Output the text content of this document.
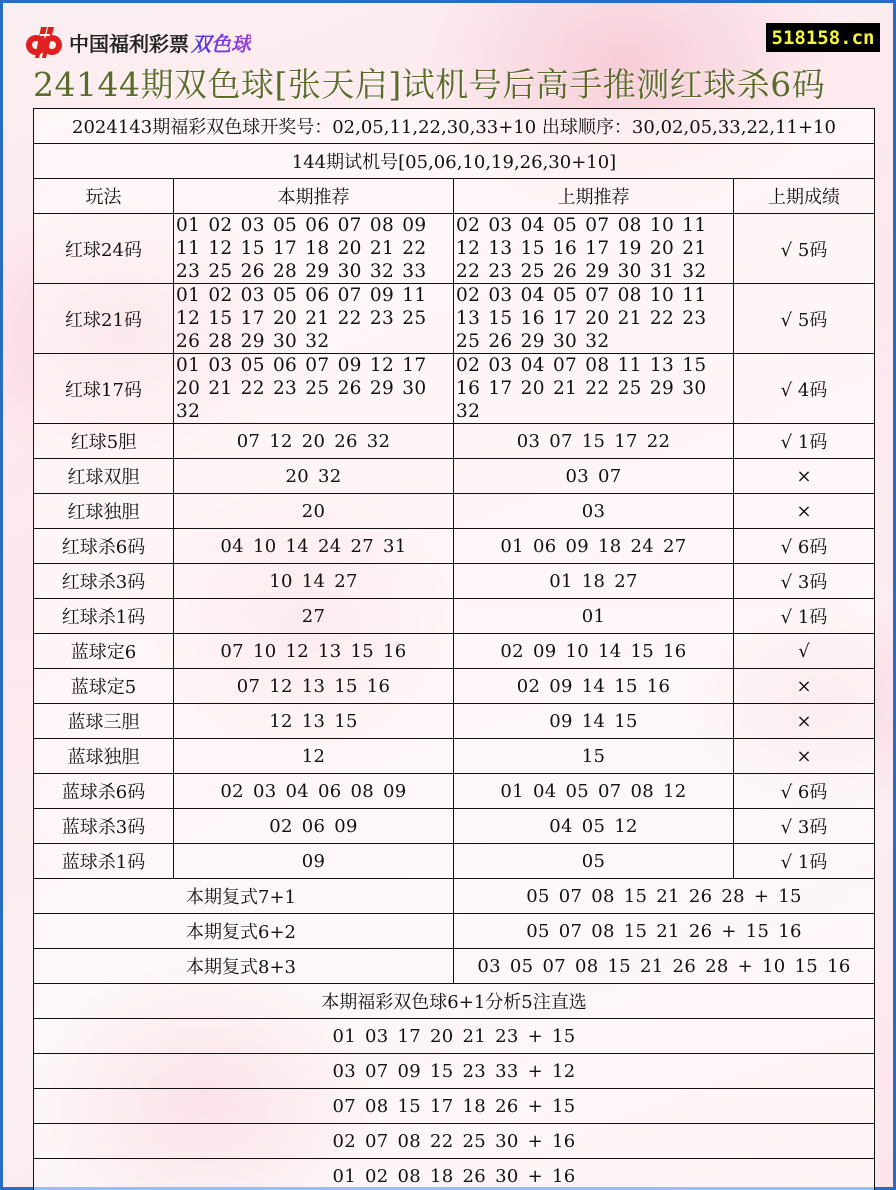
中国福利彩票 双色球	518158.cn
24144期双色球[张天启]试机号后高手推测红球杀6码
2024143期福彩双色球开奖号：02,05,11,22,30,33+10 出球顺序：30,02,05,33,22,11+10			
144期试机号[05,06,10,19,26,30+10]			
玩法	本期推荐	上期推荐	上期成绩
红球24码	01 02 03 05 06 07 08 09 11 12 15 17 18 20 21 22 23 25 26 28 29 30 32 33	02 03 04 05 07 08 10 11 12 13 15 16 17 19 20 21 22 23 25 26 29 30 31 32	√ 5码
红球21码	01 02 03 05 06 07 09 11 12 15 17 20 21 22 23 25 26 28 29 30 32	02 03 04 05 07 08 10 11 13 15 16 17 20 21 22 23 25 26 29 30 32	√ 5码
红球17码	01 03 05 06 07 09 12 17 20 21 22 23 25 26 29 30 32	02 03 04 07 08 11 13 15 16 17 20 21 22 25 29 30 32	√ 4码
红球5胆	07 12 20 26 32	03 07 15 17 22	√ 1码
红球双胆	20 32	03 07	×
红球独胆	20	03	×
红球杀6码	04 10 14 24 27 31	01 06 09 18 24 27	√ 6码
红球杀3码	10 14 27	01 18 27	√ 3码
红球杀1码	27	01	√ 1码
蓝球定6	07 10 12 13 15 16	02 09 10 14 15 16	√
蓝球定5	07 12 13 15 16	02 09 14 15 16	×
蓝球三胆	12 13 15	09 14 15	×
蓝球独胆	12	15	×
蓝球杀6码	02 03 04 06 08 09	01 04 05 07 08 12	√ 6码
蓝球杀3码	02 06 09	04 05 12	√ 3码
蓝球杀1码	09	05	√ 1码
本期复式7+1		05 07 08 15 21 26 28 + 15	
本期复式6+2		05 07 08 15 21 26 + 15 16	
本期复式8+3		03 05 07 08 15 21 26 28 + 10 15 16	
本期福彩双色球6+1分析5注直选			
01 03 17 20 21 23 + 15			
03 07 09 15 23 33 + 12			
07 08 15 17 18 26 + 15			
02 07 08 22 25 30 + 16			
01 02 08 18 26 30 + 16			
